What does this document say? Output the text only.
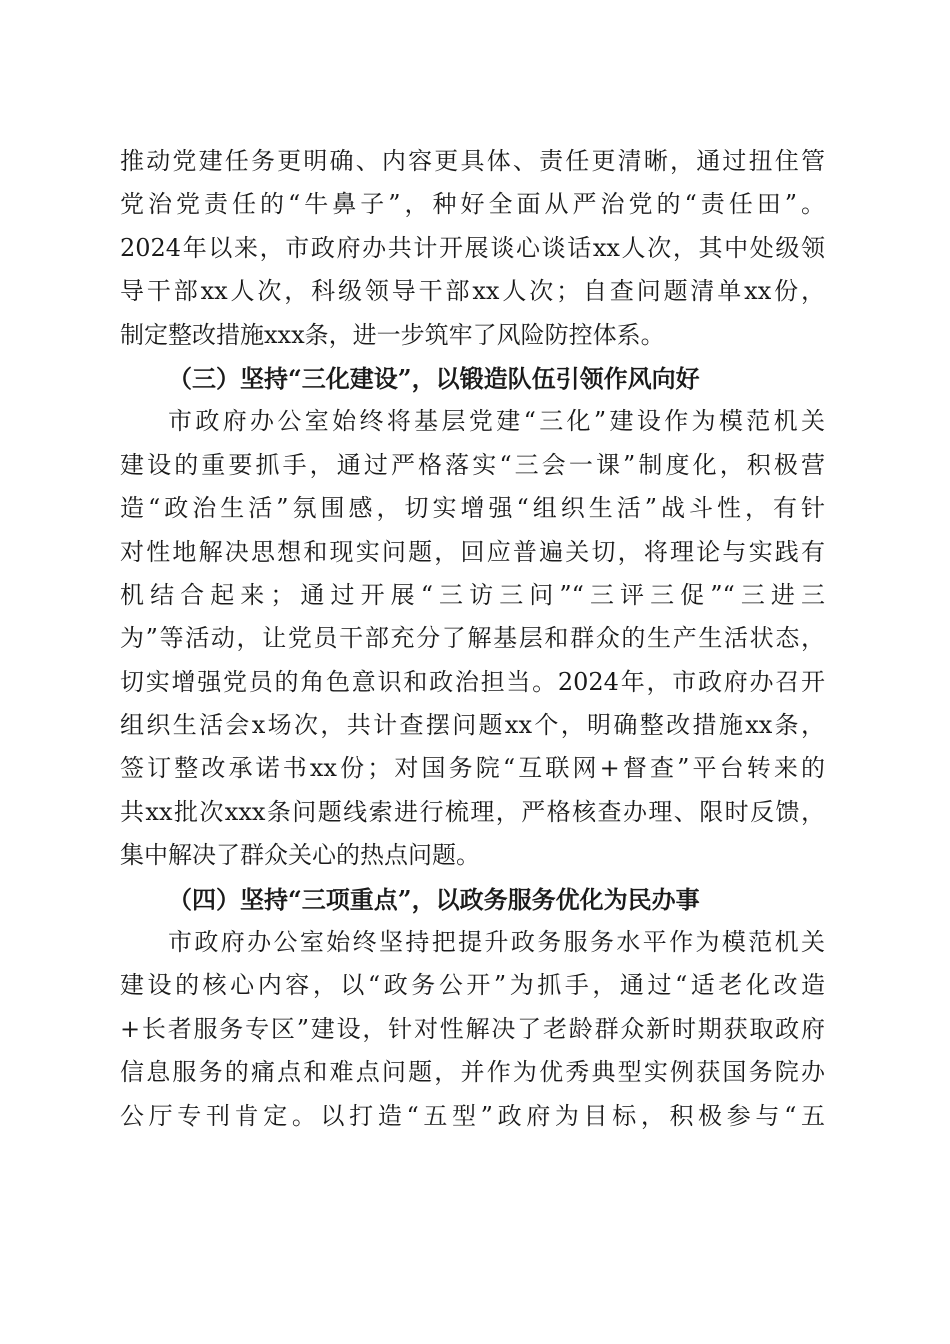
推动党建任务更明确、内容更具体、责任更清晰，通过扭住管
党治党责任的“牛鼻子”，种好全面从严治党的“责任田”。
2024年以来，市政府办共计开展谈心谈话xx人次，其中处级领
导干部xx人次，科级领导干部xx人次；自查问题清单xx份，
制定整改措施xxx条，进一步筑牢了风险防控体系。
（三）坚持“三化建设”，以锻造队伍引领作风向好
市政府办公室始终将基层党建“三化”建设作为模范机关
建设的重要抓手，通过严格落实“三会一课”制度化，积极营
造“政治生活”氛围感，切实增强“组织生活”战斗性，有针
对性地解决思想和现实问题，回应普遍关切，将理论与实践有
机结合起来；通过开展“三访三问”“三评三促”“三进三
为”等活动，让党员干部充分了解基层和群众的生产生活状态，
切实增强党员的角色意识和政治担当。2024年，市政府办召开
组织生活会x场次，共计查摆问题xx个，明确整改措施xx条，
签订整改承诺书xx份；对国务院“互联网+督查”平台转来的
共xx批次xxx条问题线索进行梳理，严格核查办理、限时反馈，
集中解决了群众关心的热点问题。
（四）坚持“三项重点”，以政务服务优化为民办事
市政府办公室始终坚持把提升政务服务水平作为模范机关
建设的核心内容，以“政务公开”为抓手，通过“适老化改造
+长者服务专区”建设，针对性解决了老龄群众新时期获取政府
信息服务的痛点和难点问题，并作为优秀典型实例获国务院办
公厅专刊肯定。以打造“五型”政府为目标，积极参与“五
